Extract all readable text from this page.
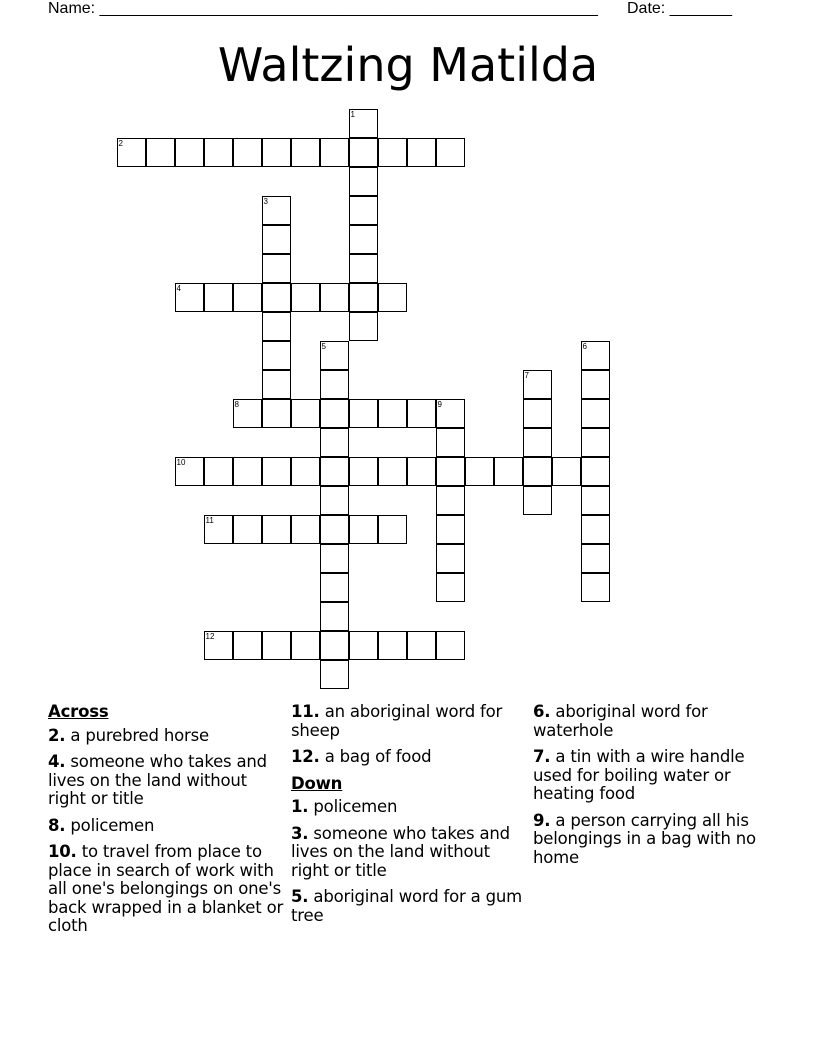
Name: ________________________________________________________ Date: _______
Waltzing Matilda
1
2
3
4
5	6
7
8	9
10
11
12
Across
2. a purebred horse
4. someone who takes and lives on the land without right or title
8. policemen
10. to travel from place to place in search of work with all one's belongings on one's back wrapped in a blanket or cloth
11. an aboriginal word for sheep
12. a bag of food
Down
1. policemen
3. someone who takes and lives on the land without right or title
5. aboriginal word for a gum tree
6. aboriginal word for waterhole
7. a tin with a wire handle used for boiling water or heating food
9. a person carrying all his belongings in a bag with no home
